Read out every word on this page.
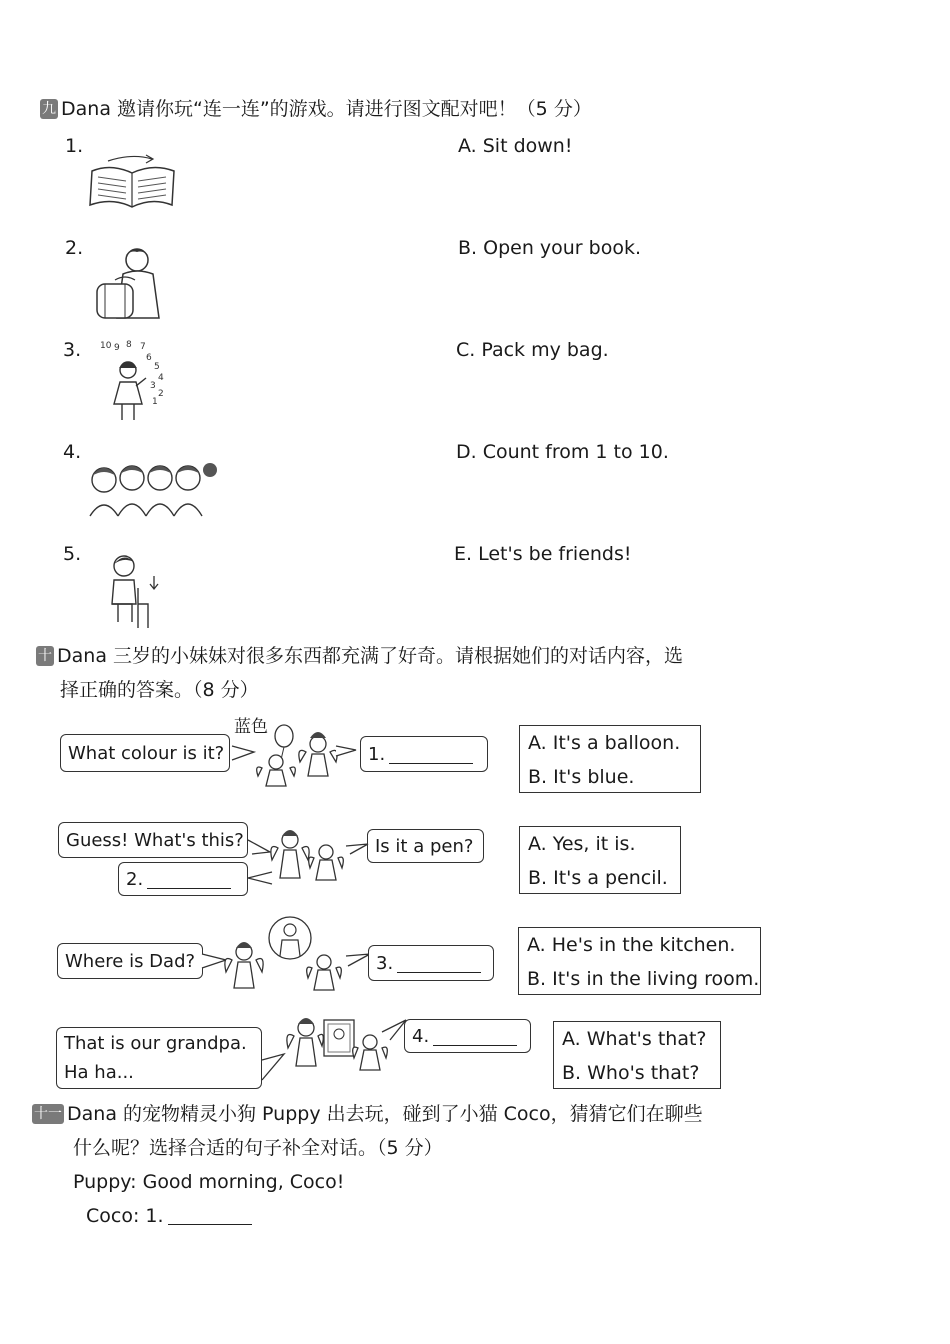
九 Dana 邀请你玩“连一连”的游戏。请进行图文配对吧！（5 分）
1.
2.
3.
4.
5.
10 9 8 7
6
5
4
3
2
1
A. Sit down!
B. Open your book.
C. Pack my bag.
D. Count from 1 to 10.
E. Let's be friends!
十 Dana 三岁的小妹妹对很多东西都充满了好奇。请根据她们的对话内容，选
择正确的答案。（8 分）
What colour is it?
蓝色
1.	A. It's a balloon.
B. It's blue.
Guess! What's this?	Is it a pen?
2.
A. Yes, it is.
B. It's a pencil.
Where is Dad?	3.
A. He's in the kitchen.
B. It's in the living room.
That is our grandpa.
Ha ha...
4.	A. What's that?
B. Who's that?
十一 Dana 的宠物精灵小狗 Puppy 出去玩，碰到了小猫 Coco，猜猜它们在聊些
什么呢？选择合适的句子补全对话。（5 分）
Puppy: Good morning, Coco!
Coco: 1.
